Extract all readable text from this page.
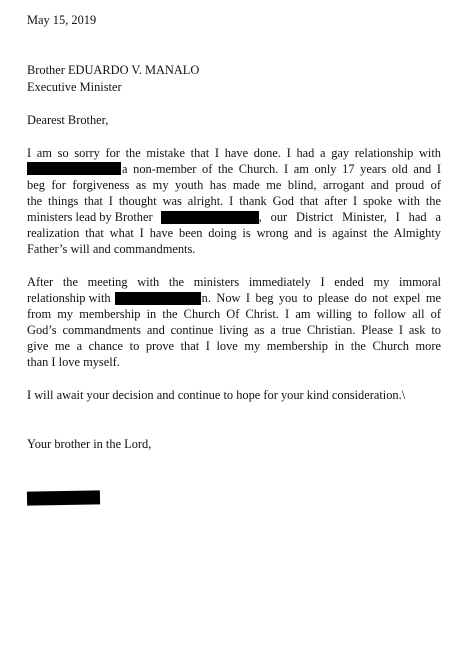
May 15, 2019
Brother EDUARDO V. MANALO
Executive Minister
Dearest Brother,
I am so sorry for the mistake that I have done. I had a gay relationship with
a non-member of the Church. I am only 17 years old and I
beg for forgiveness as my youth has made me blind, arrogant and proud of
the things that I thought was alright. I thank God that after I spoke with the
ministers lead by Brother	, our District Minister, I had a
realization that what I have been doing is wrong and is against the Almighty
Father’s will and commandments.
After the meeting with the ministers immediately I ended my immoral
relationship with	n. Now I beg you to please do not expel me
from my membership in the Church Of Christ. I am willing to follow all of
God’s commandments and continue living as a true Christian. Please I ask to
give me a chance to prove that I love my membership in the Church more
than I love myself.
I will await your decision and continue to hope for your kind consideration.\
Your brother in the Lord,
